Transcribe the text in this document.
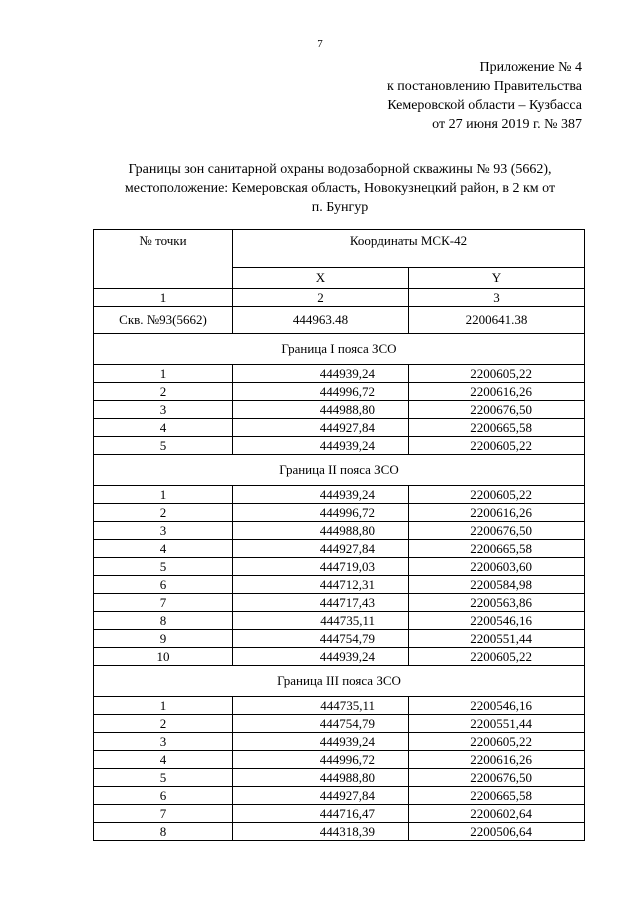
7
Приложение № 4
к постановлению Правительства
Кемеровской области – Кузбасса
от 27 июня 2019 г. № 387
Границы зон санитарной охраны водозаборной скважины № 93 (5662),
местоположение: Кемеровская область, Новокузнецкий район, в 2 км от
п. Бунгур
№ точки	Координаты МСК-42	
	X	Y
1	2	3
Скв. №93(5662)	444963.48	2200641.38
Граница I пояса ЗСО		
1	444939,24	2200605,22
2	444996,72	2200616,26
3	444988,80	2200676,50
4	444927,84	2200665,58
5	444939,24	2200605,22
Граница II пояса ЗСО		
1	444939,24	2200605,22
2	444996,72	2200616,26
3	444988,80	2200676,50
4	444927,84	2200665,58
5	444719,03	2200603,60
6	444712,31	2200584,98
7	444717,43	2200563,86
8	444735,11	2200546,16
9	444754,79	2200551,44
10	444939,24	2200605,22
Граница III пояса ЗСО		
1	444735,11	2200546,16
2	444754,79	2200551,44
3	444939,24	2200605,22
4	444996,72	2200616,26
5	444988,80	2200676,50
6	444927,84	2200665,58
7	444716,47	2200602,64
8	444318,39	2200506,64
